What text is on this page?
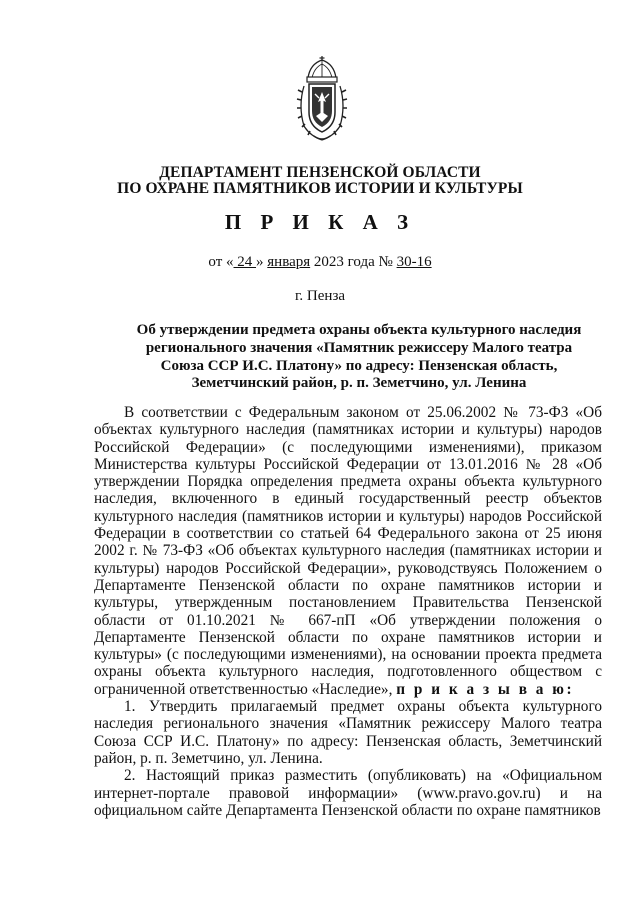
ДЕПАРТАМЕНТ ПЕНЗЕНСКОЙ ОБЛАСТИ
ПО ОХРАНЕ ПАМЯТНИКОВ ИСТОРИИ И КУЛЬТУРЫ
П Р И К А З
от « 24 » января 2023 года № 30-16
г. Пенза
Об утверждении предмета охраны объекта культурного наследия
регионального значения «Памятник режиссеру Малого театра
Союза ССР И.С. Платону» по адресу: Пензенская область,
Земетчинский район, р. п. Земетчино, ул. Ленина

В соответствии с Федеральным законом от 25.06.2002 № 73-ФЗ «Об объектах культурного наследия (памятниках истории и культуры) народов Российской Федерации» (с последующими изменениями), приказом Министерства культуры Российской Федерации от 13.01.2016 № 28 «Об утверждении Порядка определения предмета охраны объекта культурного наследия, включенного в единый государственный реестр объектов культурного наследия (памятников истории и культуры) народов Российской Федерации в соответствии со статьей 64 Федерального закона от 25 июня 2002 г. № 73-ФЗ «Об объектах культурного наследия (памятниках истории и культуры) народов Российской Федерации», руководствуясь Положением о Департаменте Пензенской области по охране памятников истории и культуры, утвержденным постановлением Правительства Пензенской области от 01.10.2021 № 667-пП «Об утверждении положения о Департаменте Пензенской области по охране памятников истории и культуры» (с последующими изменениями), на основании проекта предмета охраны объекта культурного наследия, подготовленного обществом с ограниченной ответственностью «Наследие», п р и к а з ы в а ю:

1. Утвердить прилагаемый предмет охраны объекта культурного наследия регионального значения «Памятник режиссеру Малого театра Союза ССР И.С. Платону» по адресу: Пензенская область, Земетчинский район, р. п. Земетчино, ул. Ленина.

2. Настоящий приказ разместить (опубликовать) на «Официальном интернет-портале правовой информации» (www.pravo.gov.ru) и на официальном сайте Департамента Пензенской области по охране памятников
